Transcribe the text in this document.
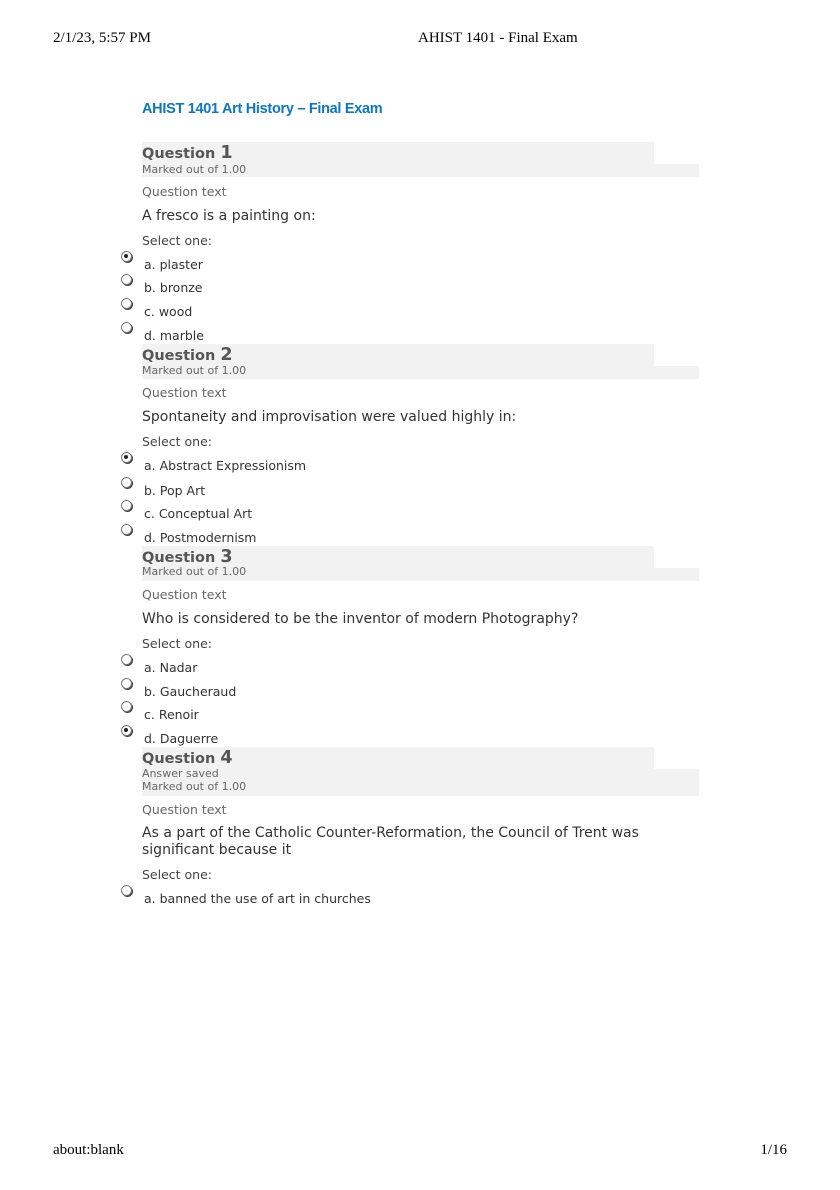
2/1/23, 5:57 PM	AHIST 1401 - Final Exam
AHIST 1401 Art History – Final Exam
Question 1
Marked out of 1.00
Question text
A fresco is a painting on:
Select one:
a. plaster
b. bronze
c. wood
d. marble
Question 2
Marked out of 1.00
Question text
Spontaneity and improvisation were valued highly in:
Select one:
a. Abstract Expressionism
b. Pop Art
c. Conceptual Art
d. Postmodernism
Question 3
Marked out of 1.00
Question text
Who is considered to be the inventor of modern Photography?
Select one:
a. Nadar
b. Gaucheraud
c. Renoir
d. Daguerre
Question 4
Answer saved
Marked out of 1.00
Question text
As a part of the Catholic Counter-Reformation, the Council of Trent was
significant because it
Select one:
a. banned the use of art in churches
about:blank	1/16
